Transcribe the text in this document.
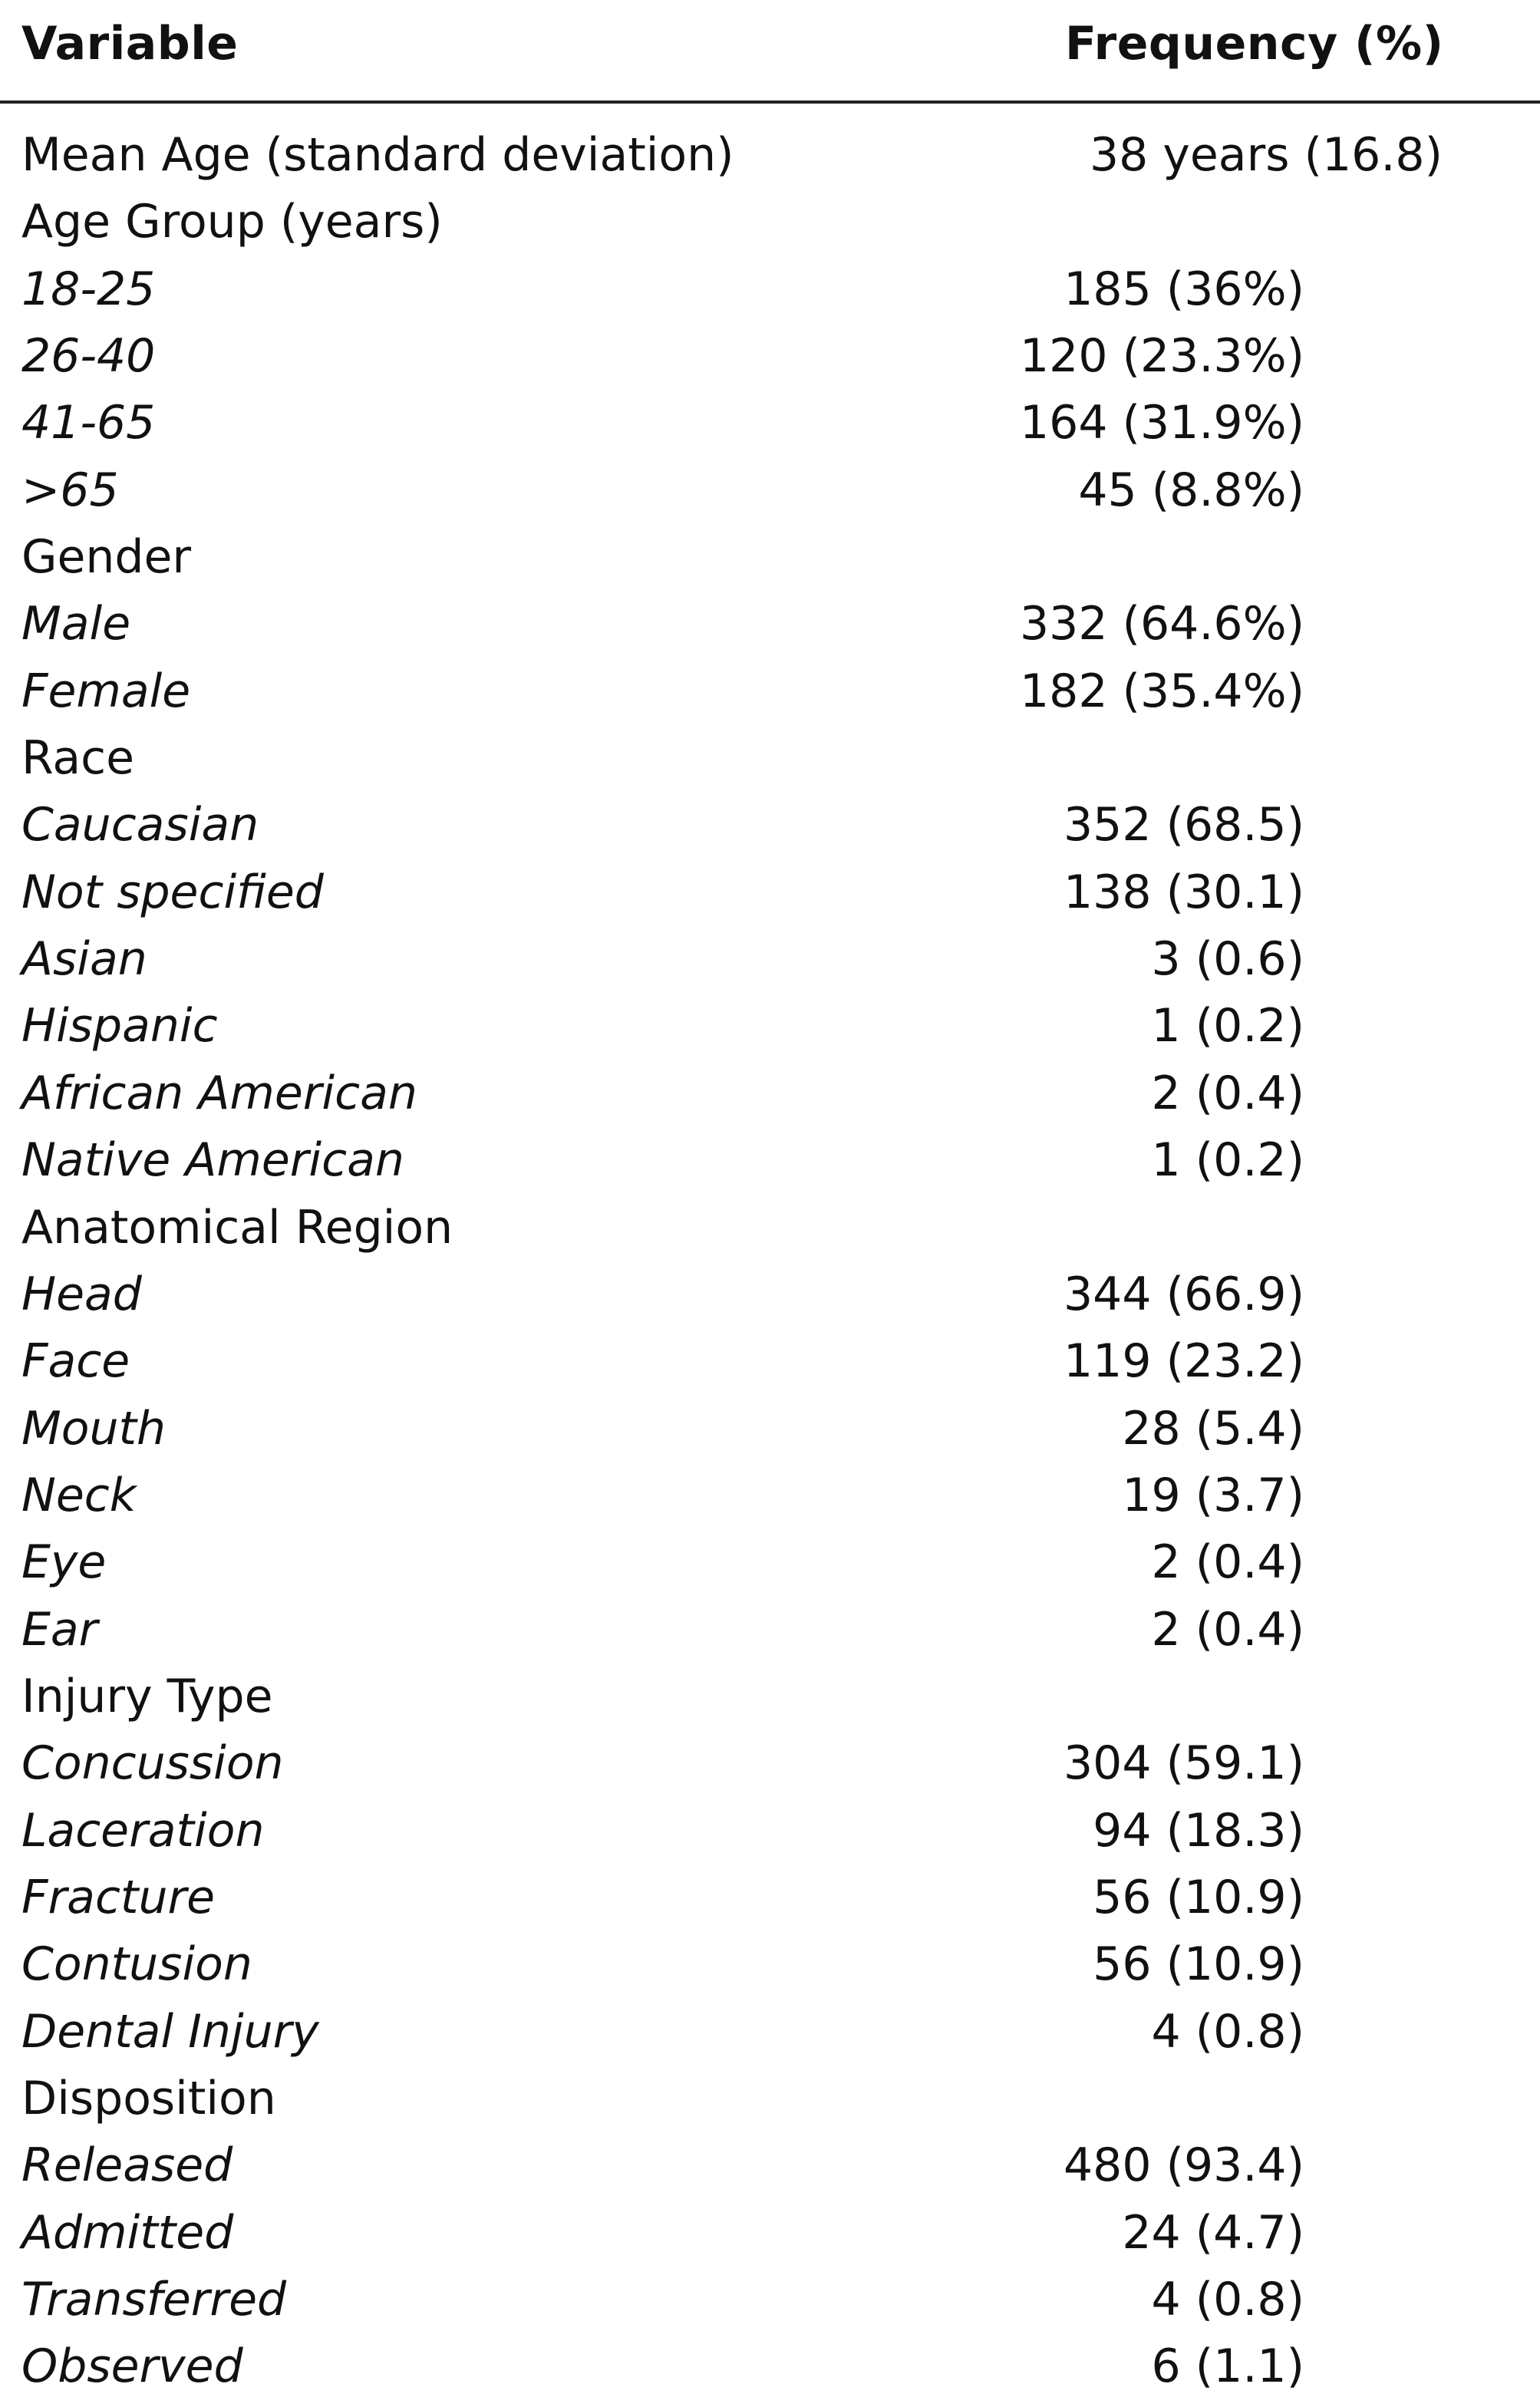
Variable	Frequency (%)
Mean Age (standard deviation)	38 years (16.8)
Age Group (years)
18-25	185 (36%)
26-40	120 (23.3%)
41-65	164 (31.9%)
>65	45 (8.8%)
Gender
Male	332 (64.6%)
Female	182 (35.4%)
Race
Caucasian	352 (68.5)
Not specified	138 (30.1)
Asian	3 (0.6)
Hispanic	1 (0.2)
African American	2 (0.4)
Native American	1 (0.2)
Anatomical Region
Head	344 (66.9)
Face	119 (23.2)
Mouth	28 (5.4)
Neck	19 (3.7)
Eye	2 (0.4)
Ear	2 (0.4)
Injury Type
Concussion	304 (59.1)
Laceration	94 (18.3)
Fracture	56 (10.9)
Contusion	56 (10.9)
Dental Injury	4 (0.8)
Disposition
Released	480 (93.4)
Admitted	24 (4.7)
Transferred	4 (0.8)
Observed	6 (1.1)
